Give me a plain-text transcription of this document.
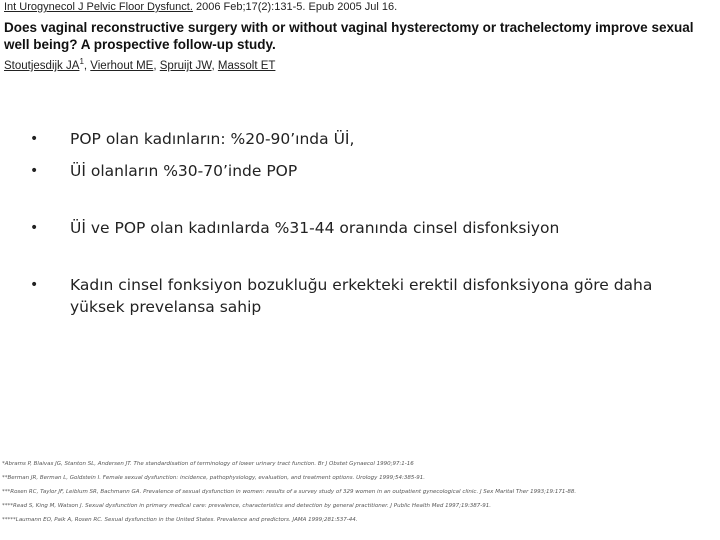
Int Urogynecol J Pelvic Floor Dysfunct. 2006 Feb;17(2):131-5. Epub 2005 Jul 16.
Does vaginal reconstructive surgery with or without vaginal hysterectomy or trachelectomy improve sexual well being? A prospective follow-up study.
Stoutjesdijk $JA^1$, Vierhout ME, Spruijt JW, Massolt ET
• POP olan kadınların: %20-90’ında Üİ,
• Üİ olanların %30-70’inde POP
• Üİ ve POP olan kadınlarda %31-44 oranında cinsel disfonksiyon
• Kadın cinsel fonksiyon bozukluğu erkekteki erektil disfonksiyona göre daha yüksek prevelansa sahip
*Abrams P, Blaivas JG, Stanton SL, Andersen JT. The standardisation of terminology of lower urinary tract function. Br J Obstet Gynaecol 1990;97:1-16
**Berman JR, Berman L, Goldstein I. Female sexual dysfunction: incidence, pathophysiology, evaluation, and treatment options. Urology 1999;54:385-91.
***Rosen RC, Taylor JF, Leiblum SR, Bachmann GA. Prevalence of sexual dysfunction in women: results of a survey study of 329 women in an outpatient gynecological clinic. J Sex Marital Ther 1993;19:171-88.
****Read S, King M, Watson J. Sexual dysfunction in primary medical care: prevalence, characteristics and detection by general practitioner. J Public Health Med 1997;19:387-91.
*****Laumann EO, Paik A, Rosen RC. Sexual dysfunction in the United States. Prevalence and predictors. JAMA 1999;281:537-44.
